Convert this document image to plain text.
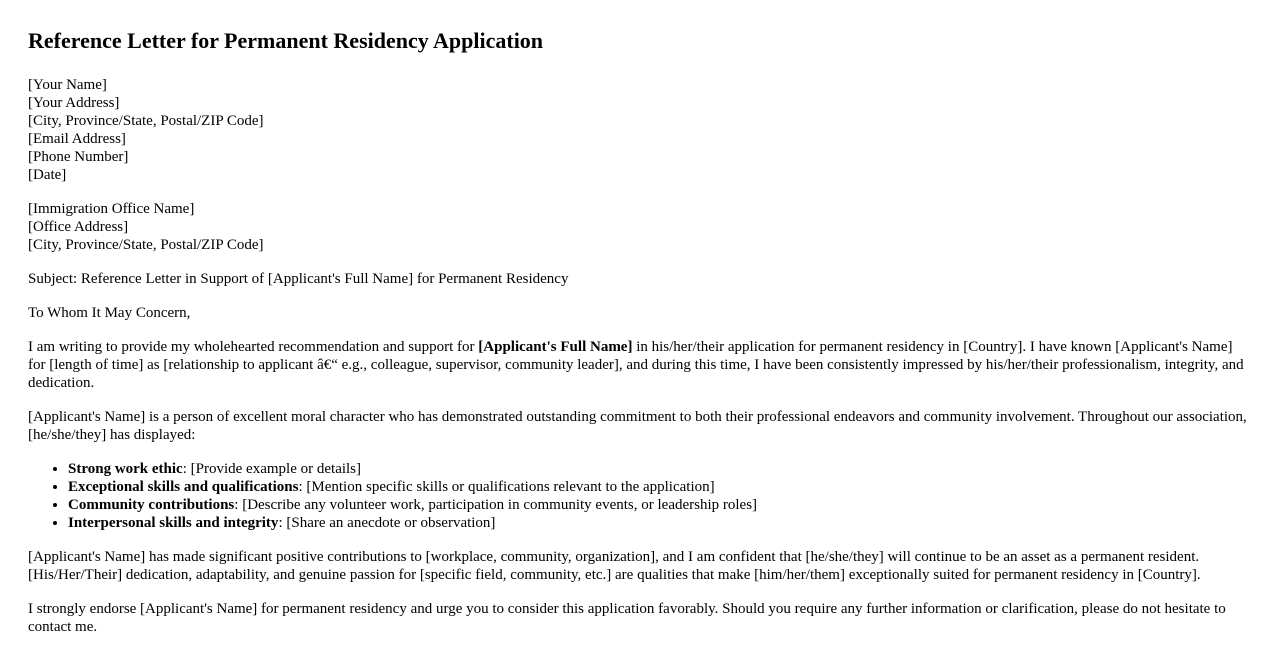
Reference Letter for Permanent Residency Application
[Your Name]
[Your Address]
[City, Province/State, Postal/ZIP Code]
[Email Address]
[Phone Number]
[Date]
[Immigration Office Name]
[Office Address]
[City, Province/State, Postal/ZIP Code]

Subject: Reference Letter in Support of [Applicant's Full Name] for Permanent Residency

To Whom It May Concern,

I am writing to provide my wholehearted recommendation and support for [Applicant's Full Name] in his/her/their application for permanent residency in [Country]. I have known [Applicant's Name] for [length of time] as [relationship to applicant â€“ e.g., colleague, supervisor, community leader], and during this time, I have been consistently impressed by his/her/their professionalism, integrity, and dedication.

[Applicant's Name] is a person of excellent moral character who has demonstrated outstanding commitment to both their professional endeavors and community involvement. Throughout our association, [he/she/they] has displayed:

• Strong work ethic: [Provide example or details]
• Exceptional skills and qualifications: [Mention specific skills or qualifications relevant to the application]
• Community contributions: [Describe any volunteer work, participation in community events, or leadership roles]
• Interpersonal skills and integrity: [Share an anecdote or observation]

[Applicant's Name] has made significant positive contributions to [workplace, community, organization], and I am confident that [he/she/they] will continue to be an asset as a permanent resident. [His/Her/Their] dedication, adaptability, and genuine passion for [specific field, community, etc.] are qualities that make [him/her/them] exceptionally suited for permanent residency in [Country].

I strongly endorse [Applicant's Name] for permanent residency and urge you to consider this application favorably. Should you require any further information or clarification, please do not hesitate to contact me.
